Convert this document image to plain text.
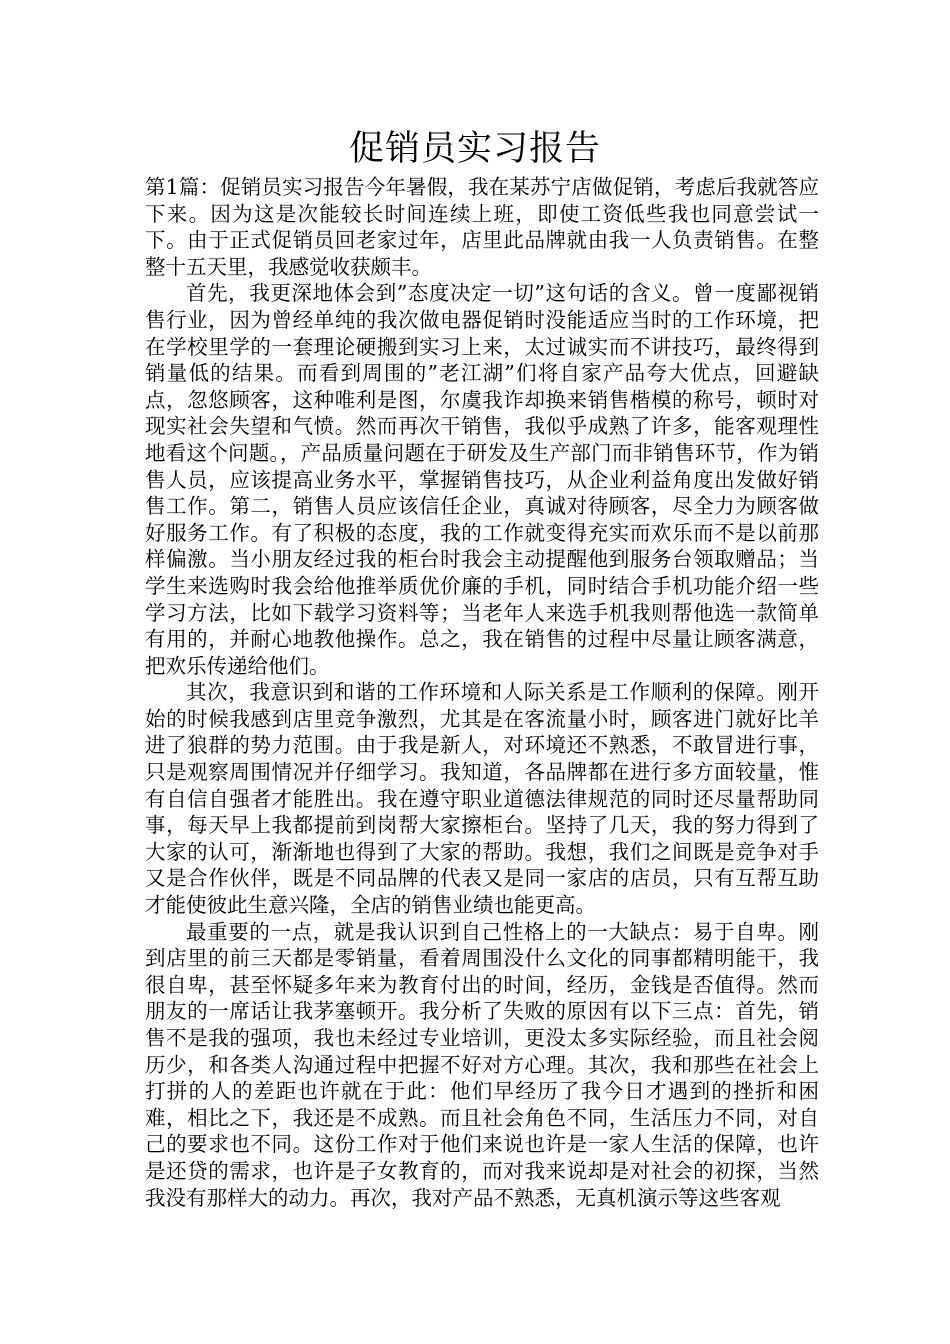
促销员实习报告

第1篇：促销员实习报告今年暑假，我在某苏宁店做促销，考虑后我就答应下来。因为这是次能较长时间连续上班，即使工资低些我也同意尝试一下。由于正式促销员回老家过年，店里此品牌就由我一人负责销售。在整整十五天里，我感觉收获颇丰。

首先，我更深地体会到”态度决定一切”这句话的含义。曾一度鄙视销售行业，因为曾经单纯的我次做电器促销时没能适应当时的工作环境，把在学校里学的一套理论硬搬到实习上来，太过诚实而不讲技巧，最终得到销量低的结果。而看到周围的”老江湖”们将自家产品夸大优点，回避缺点，忽悠顾客，这种唯利是图，尔虞我诈却换来销售楷模的称号，顿时对现实社会失望和气愤。然而再次干销售，我似乎成熟了许多，能客观理性地看这个问题。，产品质量问题在于研发及生产部门而非销售环节，作为销售人员，应该提高业务水平，掌握销售技巧，从企业利益角度出发做好销售工作。第二，销售人员应该信任企业，真诚对待顾客，尽全力为顾客做好服务工作。有了积极的态度，我的工作就变得充实而欢乐而不是以前那样偏激。当小朋友经过我的柜台时我会主动提醒他到服务台领取赠品；当学生来选购时我会给他推举质优价廉的手机，同时结合手机功能介绍一些学习方法，比如下载学习资料等；当老年人来选手机我则帮他选一款简单有用的，并耐心地教他操作。总之，我在销售的过程中尽量让顾客满意，把欢乐传递给他们。

其次，我意识到和谐的工作环境和人际关系是工作顺利的保障。刚开始的时候我感到店里竞争激烈，尤其是在客流量小时，顾客进门就好比羊进了狼群的势力范围。由于我是新人，对环境还不熟悉，不敢冒进行事，只是观察周围情况并仔细学习。我知道，各品牌都在进行多方面较量，惟有自信自强者才能胜出。我在遵守职业道德法律规范的同时还尽量帮助同事，每天早上我都提前到岗帮大家擦柜台。坚持了几天，我的努力得到了大家的认可，渐渐地也得到了大家的帮助。我想，我们之间既是竞争对手又是合作伙伴，既是不同品牌的代表又是同一家店的店员，只有互帮互助才能使彼此生意兴隆，全店的销售业绩也能更高。

最重要的一点，就是我认识到自己性格上的一大缺点：易于自卑。刚到店里的前三天都是零销量，看着周围没什么文化的同事都精明能干，我很自卑，甚至怀疑多年来为教育付出的时间，经历，金钱是否值得。然而朋友的一席话让我茅塞顿开。我分析了失败的原因有以下三点：首先，销售不是我的强项，我也未经过专业培训，更没太多实际经验，而且社会阅历少，和各类人沟通过程中把握不好对方心理。其次，我和那些在社会上打拼的人的差距也许就在于此：他们早经历了我今日才遇到的挫折和困难，相比之下，我还是不成熟。而且社会角色不同，生活压力不同，对自己的要求也不同。这份工作对于他们来说也许是一家人生活的保障，也许是还贷的需求，也许是子女教育的，而对我来说却是对社会的初探，当然我没有那样大的动力。再次，我对产品不熟悉，无真机演示等这些客观
